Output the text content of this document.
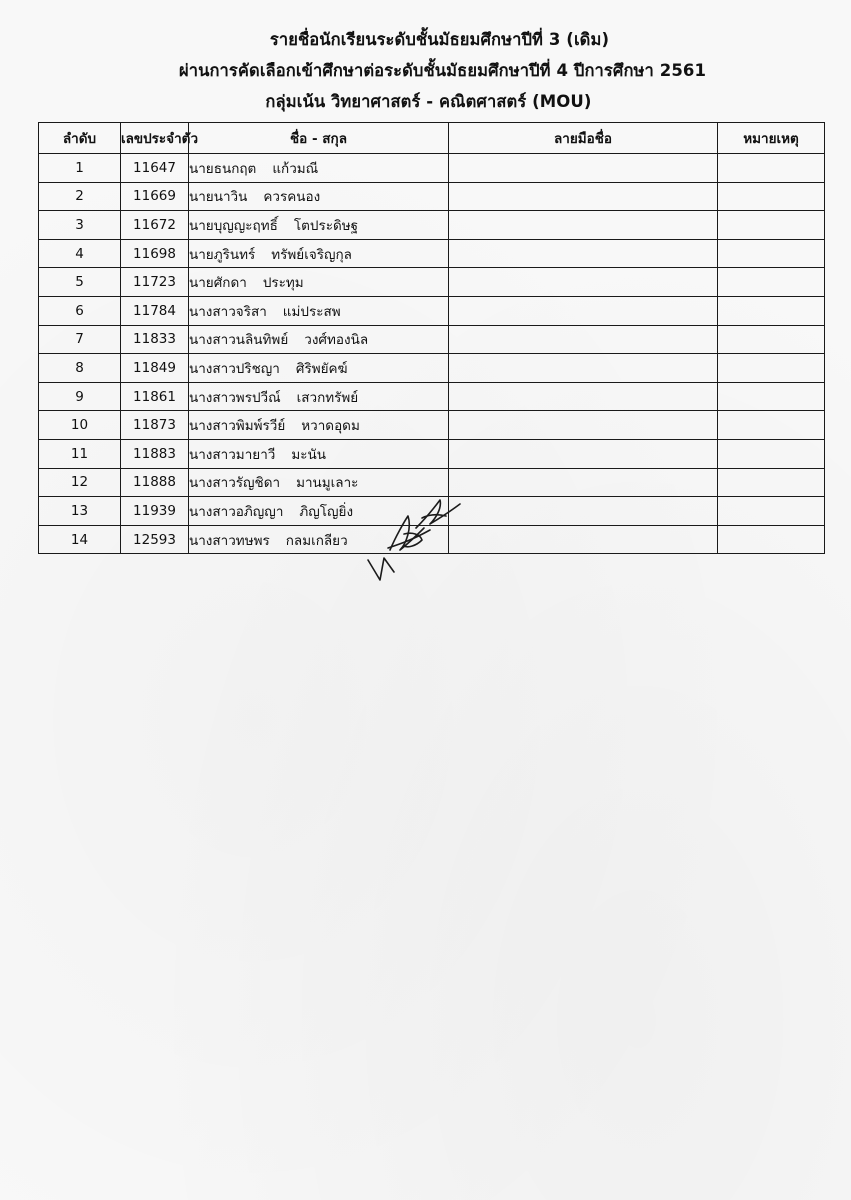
รายชื่อนักเรียนระดับชั้นมัธยมศึกษาปีที่ 3 (เดิม)
ผ่านการคัดเลือกเข้าศึกษาต่อระดับชั้นมัธยมศึกษาปีที่ 4 ปีการศึกษา 2561
กลุ่มเน้น วิทยาศาสตร์ - คณิตศาสตร์ (MOU)
ลำดับ	เลขประจำตัว	ชื่อ - สกุล	ลายมือชื่อ	หมายเหตุ
1	11647	นายธนกฤต แก้วมณี		
2	11669	นายนาวิน ควรคนอง		
3	11672	นายบุญญะฤทธิ์ โตประดิษฐ		
4	11698	นายภูรินทร์ ทรัพย์เจริญกุล		
5	11723	นายศักดา ประทุม		
6	11784	นางสาวจริสา แม่ประสพ		
7	11833	นางสาวนลินทิพย์ วงศ์ทองนิล		
8	11849	นางสาวปริชญา ศิริพยัคฆ์		
9	11861	นางสาวพรปวีณ์ เสวกทรัพย์		
10	11873	นางสาวพิมพ์รวีย์ หวาดอุดม		
11	11883	นางสาวมายาวี มะนัน		
12	11888	นางสาวรัญชิดา มานมูเลาะ		
13	11939	นางสาวอภิญญา ภิญโญยิ่ง		
14	12593	นางสาวทษพร กลมเกลียว		
